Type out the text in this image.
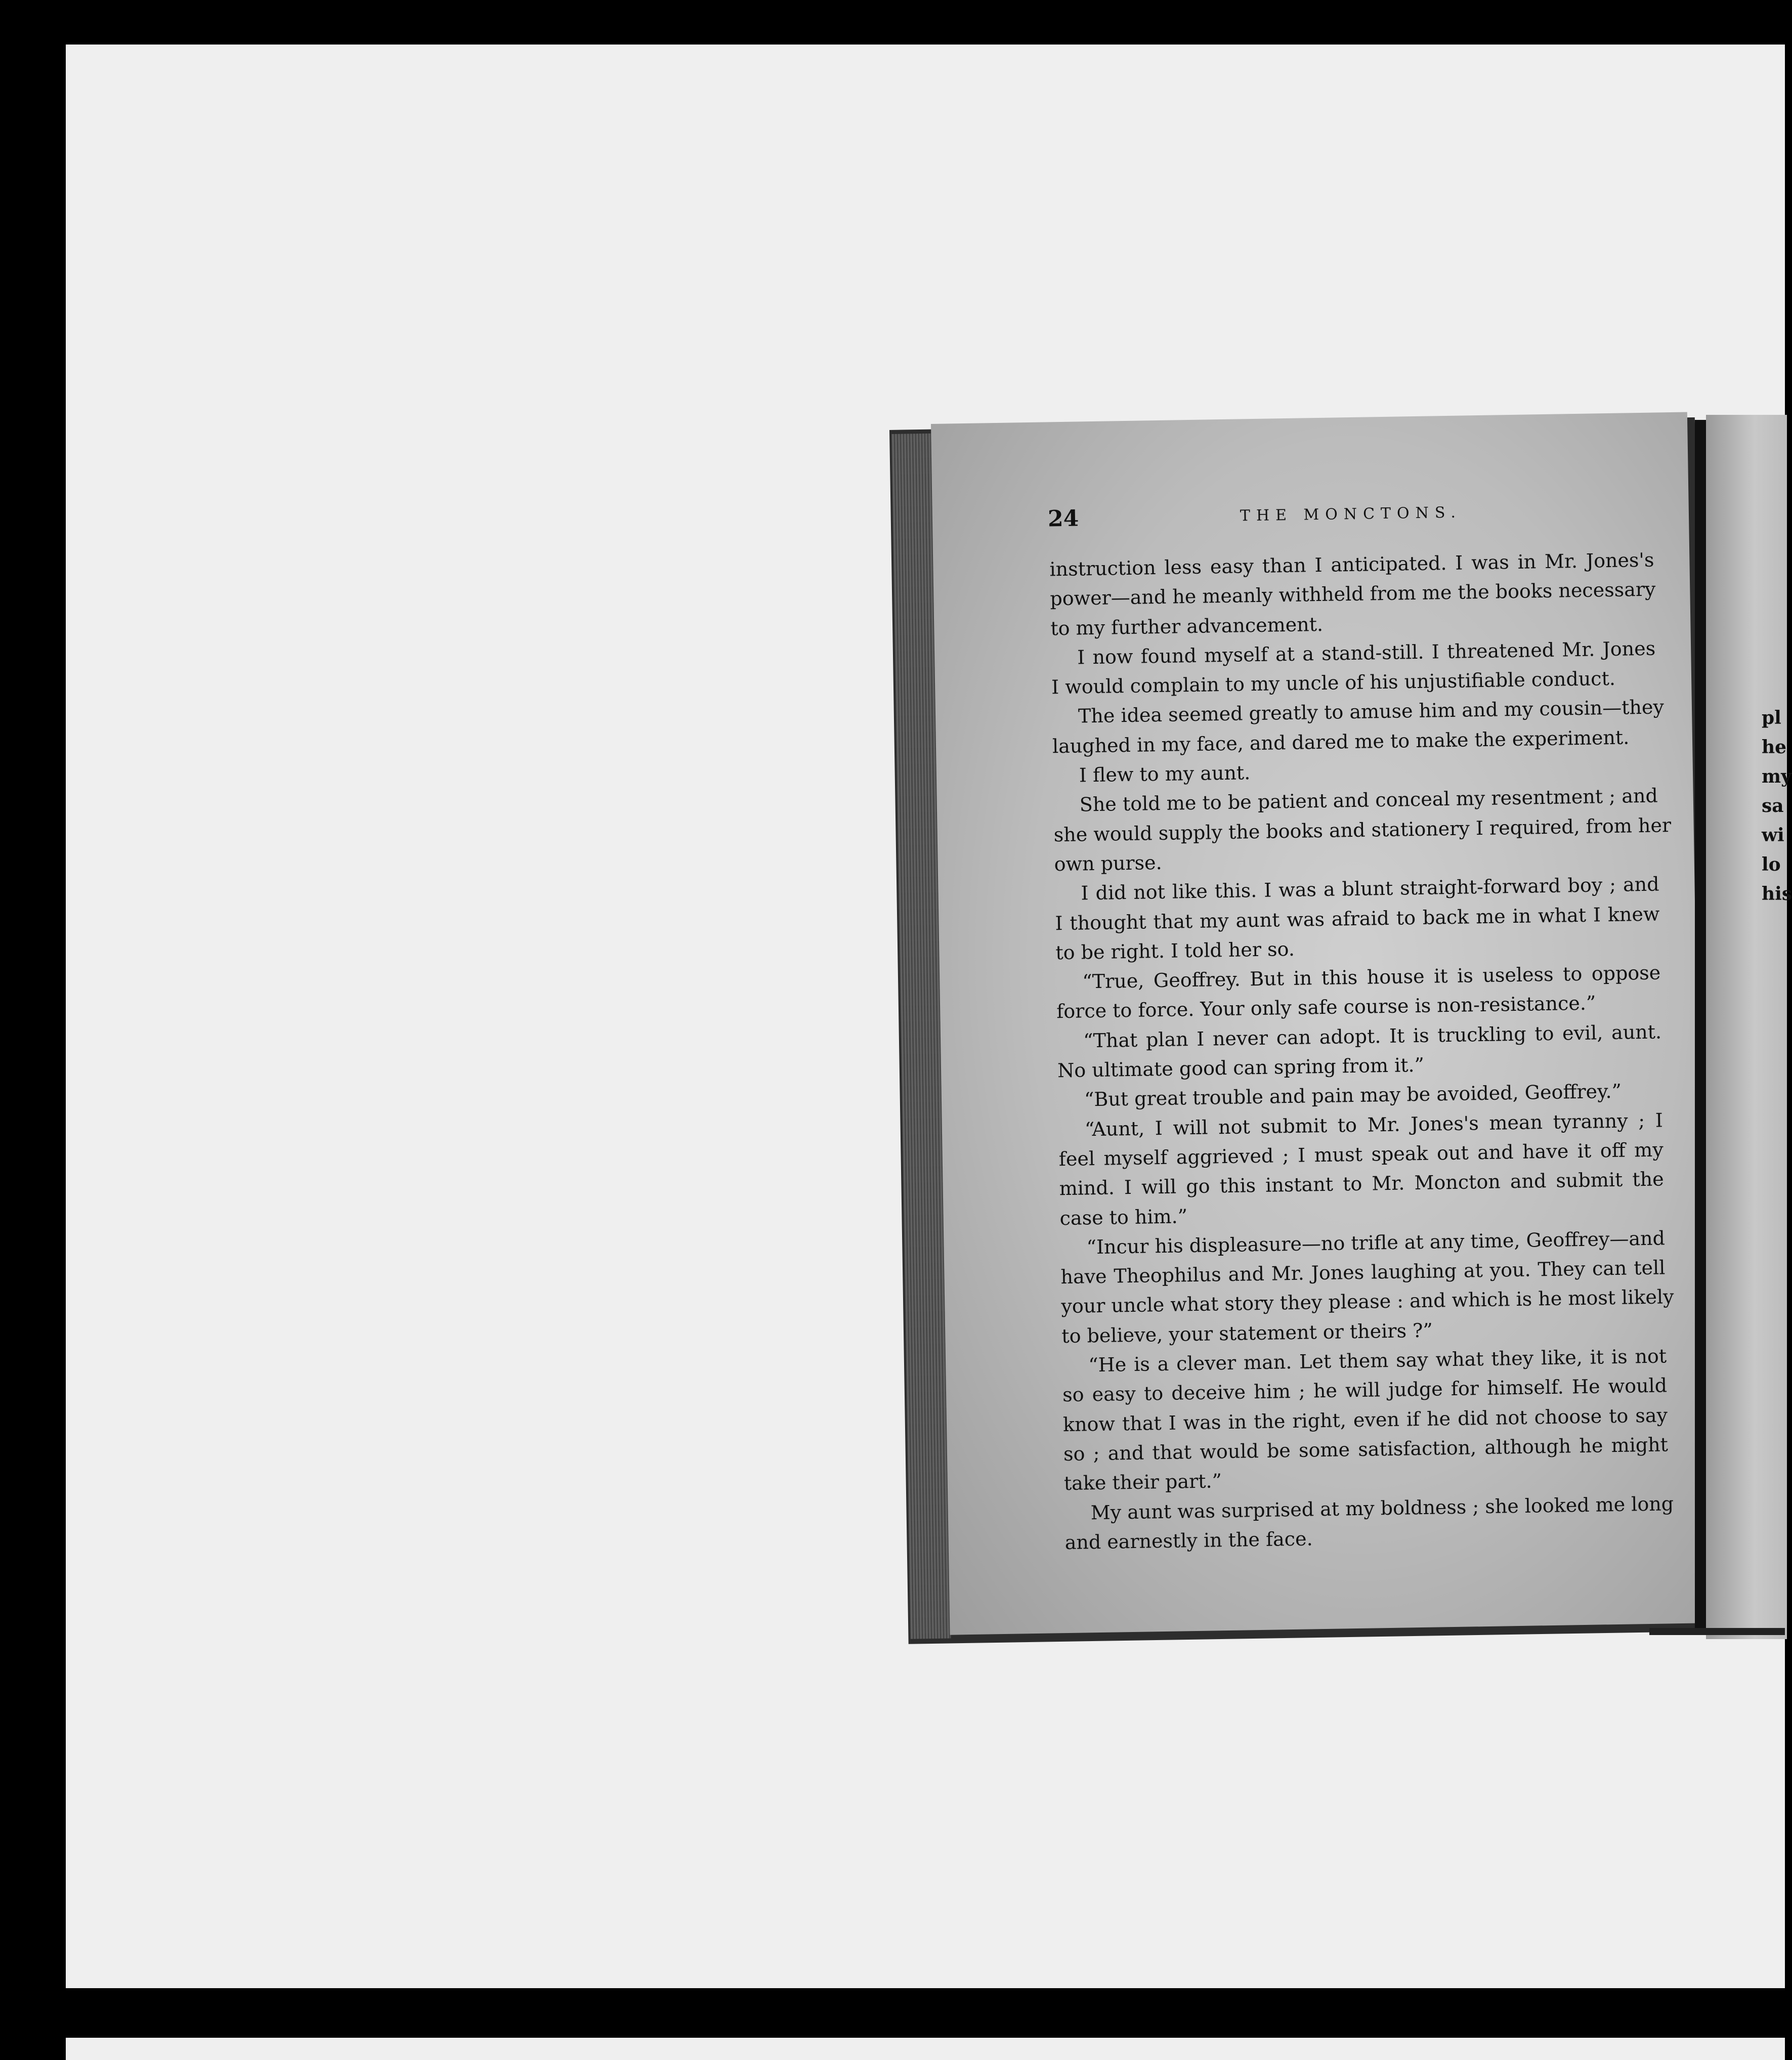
24	THE MONCTONS.
instruction less easy than I anticipated. I was in Mr. Jones's
power—and he meanly withheld from me the books necessary
to my further advancement.
I now found myself at a stand-still. I threatened Mr. Jones
I would complain to my uncle of his unjustifiable conduct.
The idea seemed greatly to amuse him and my cousin—they
laughed in my face, and dared me to make the experiment.
I flew to my aunt.
She told me to be patient and conceal my resentment ; and
she would supply the books and stationery I required, from her
own purse.
I did not like this. I was a blunt straight-forward boy ; and
I thought that my aunt was afraid to back me in what I knew
to be right. I told her so.
“True, Geoffrey. But in this house it is useless to oppose
force to force. Your only safe course is non-resistance.”
“That plan I never can adopt. It is truckling to evil, aunt.
No ultimate good can spring from it.”
“But great trouble and pain may be avoided, Geoffrey.”
“Aunt, I will not submit to Mr. Jones's mean tyranny ; I
feel myself aggrieved ; I must speak out and have it off my
mind. I will go this instant to Mr. Moncton and submit the
case to him.”
“Incur his displeasure—no trifle at any time, Geoffrey—and
have Theophilus and Mr. Jones laughing at you. They can tell
your uncle what story they please : and which is he most likely
to believe, your statement or theirs ?”
“He is a clever man. Let them say what they like, it is not
so easy to deceive him ; he will judge for himself. He would
know that I was in the right, even if he did not choose to say
so ; and that would be some satisfaction, although he might
take their part.”
My aunt was surprised at my boldness ; she looked me long
and earnestly in the face.
pl
he
my
sa
wi
lo
his
